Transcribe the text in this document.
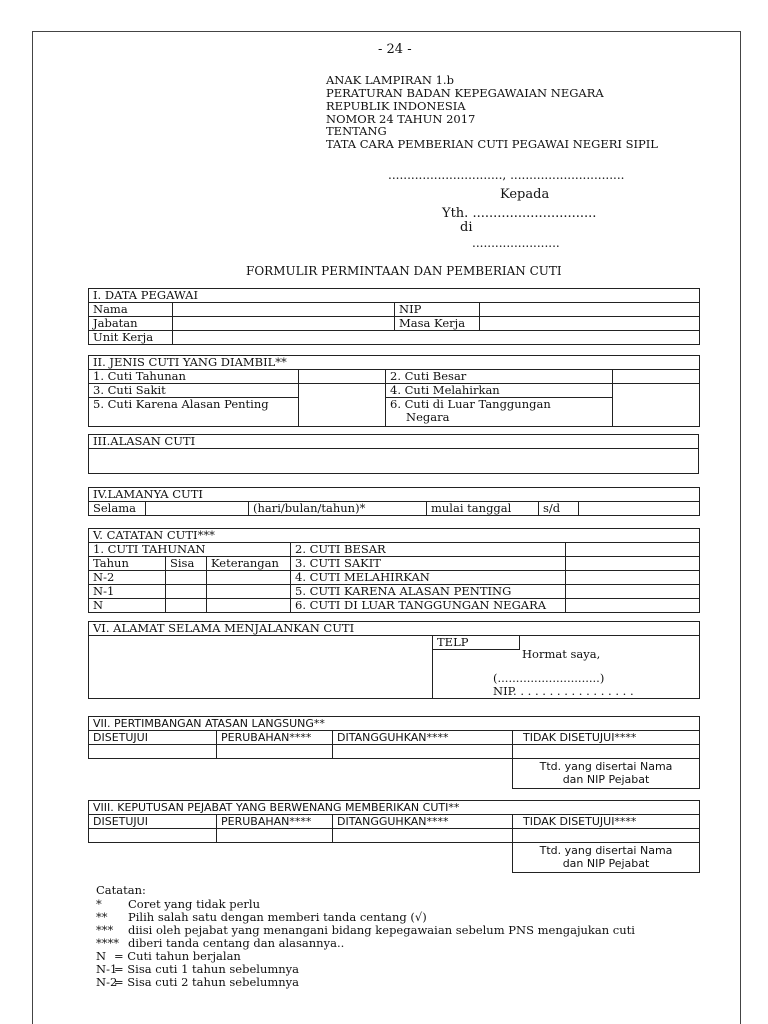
- 24 -
ANAK LAMPIRAN 1.b
PERATURAN BADAN KEPEGAWAIAN NEGARA
REPUBLIK INDONESIA
NOMOR 24 TAHUN 2017
TENTANG
TATA CARA PEMBERIAN CUTI PEGAWAI NEGERI SIPIL
.............................., ..............................
Kepada
Yth. ..............................
di
.......................
FORMULIR PERMINTAAN DAN PEMBERIAN CUTI
I. DATA PEGAWAI			
Nama		NIP	
Jabatan		Masa Kerja	
Unit Kerja			
II. JENIS CUTI YANG DIAMBIL**			
1. Cuti Tahunan		2. Cuti Besar	
3. Cuti Sakit		4. Cuti Melahirkan	
5. Cuti Karena Alasan Penting		6. Cuti di Luar Tanggungan
Negara	
III.ALASAN CUTI

IV.LAMANYA CUTI
Selama		(hari/bulan/tahun)*	mulai tanggal	s/d	
V. CATATAN CUTI***				
1. CUTI TAHUNAN			2. CUTI BESAR	
Tahun	Sisa	Keterangan	3. CUTI SAKIT	
N-2			4. CUTI MELAHIRKAN	
N-1			5. CUTI KARENA ALASAN PENTING	
N			6. CUTI DI LUAR TANGGUNGAN NEGARA	
VI. ALAMAT SELAMA MENJALANKAN CUTI
	TELP	

Hormat saya,
(............................)
NIP. . . . . . . . . . . . . . . . .
VII. PERTIMBANGAN ATASAN LANGSUNG**			
DISETUJUI	PERUBAHAN****	DITANGGUHKAN****	TIDAK DISETUJUI****

			Ttd. yang disertai Nama
dan NIP Pejabat
VIII. KEPUTUSAN PEJABAT YANG BERWENANG MEMBERIKAN CUTI**			
DISETUJUI	PERUBAHAN****	DITANGGUHKAN****	TIDAK DISETUJUI****

			Ttd. yang disertai Nama
dan NIP Pejabat
Catatan:
* Coret yang tidak perlu
** Pilih salah satu dengan memberi tanda centang (√)
*** diisi oleh pejabat yang menangani bidang kepegawaian sebelum PNS mengajukan cuti
**** diberi tanda centang dan alasannya..
N = Cuti tahun berjalan
N-1
= Sisa cuti 1 tahun sebelumnya
N-2
= Sisa cuti 2 tahun sebelumnya
